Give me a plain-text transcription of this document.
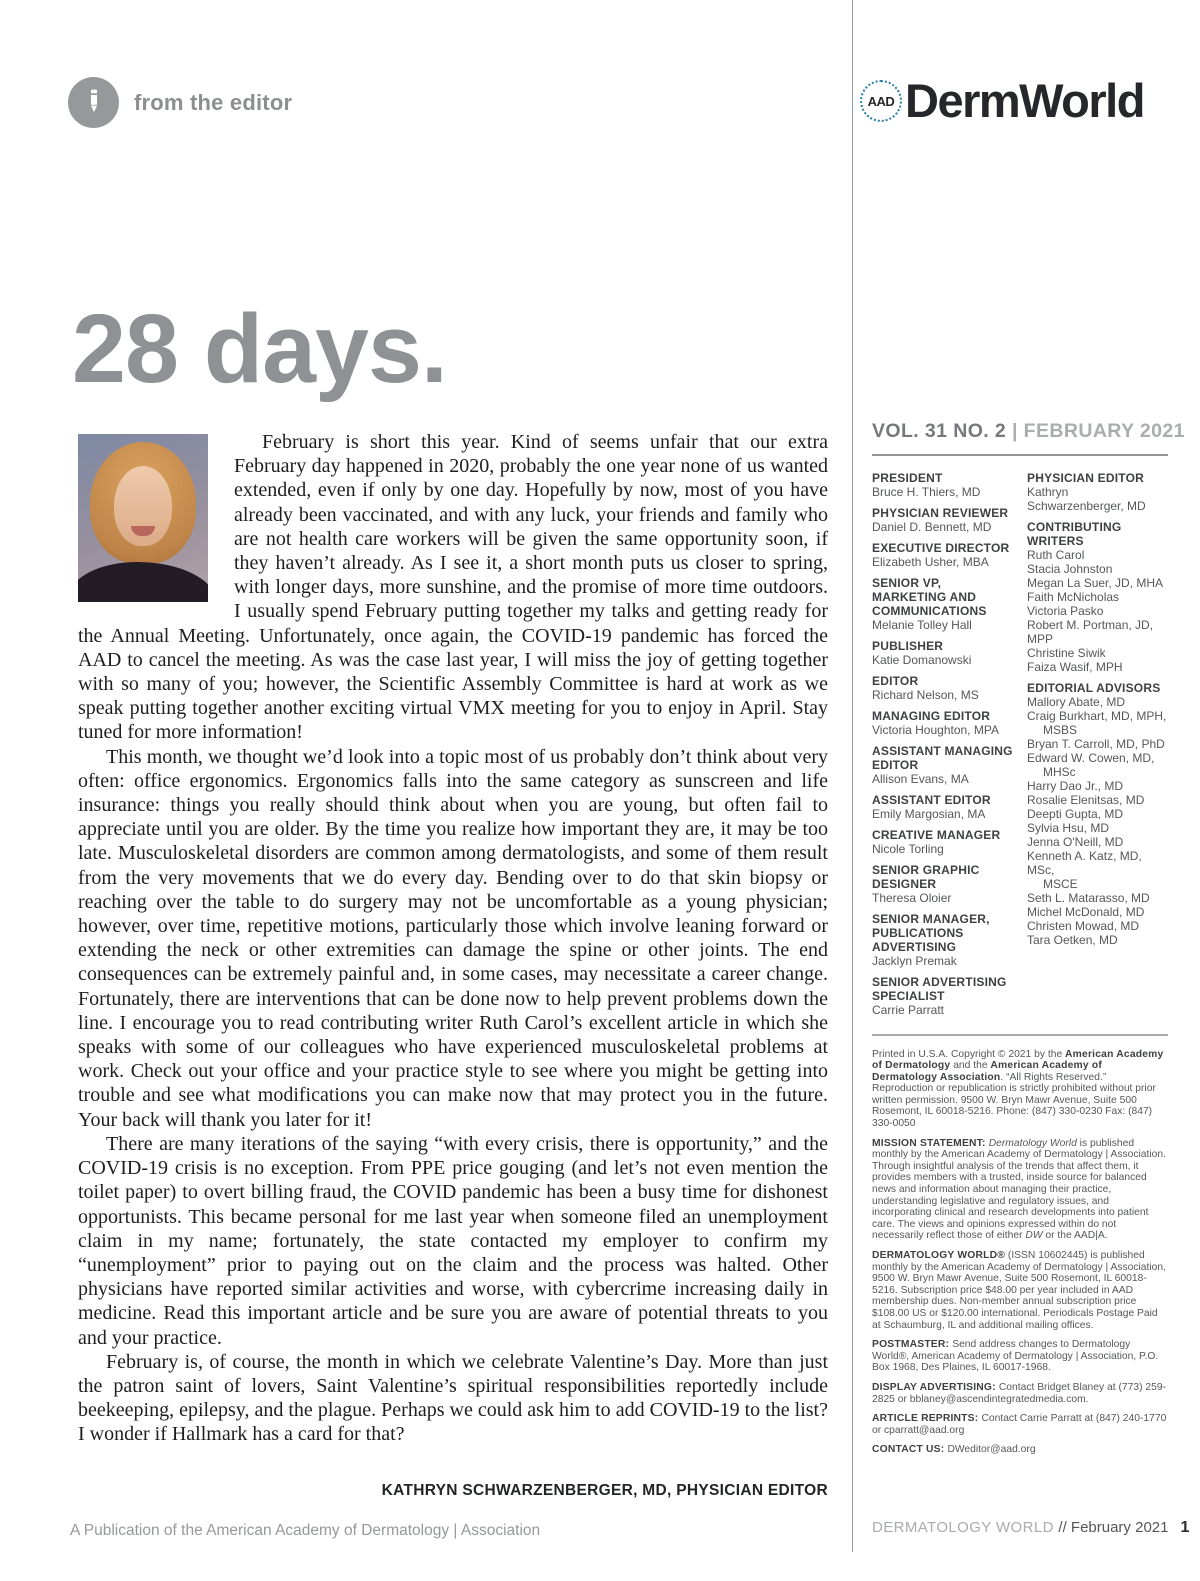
from the editor	AAD DermWorld
28 days.

February is short this year. Kind of seems unfair that our extra February day happened in 2020, probably the one year none of us wanted extended, even if only by one day. Hopefully by now, most of you have already been vaccinated, and with any luck, your friends and family who are not health care workers will be given the same opportunity soon, if they haven’t already. As I see it, a short month puts us closer to spring, with longer days, more sunshine, and the promise of more time outdoors. I usually spend February putting together my talks and getting ready for the Annual Meeting. Unfortunately, once again, the COVID-19 pandemic has forced the AAD to cancel the meeting. As was the case last year, I will miss the joy of getting together with so many of you; however, the Scientific Assembly Committee is hard at work as we speak putting together another exciting virtual VMX meeting for you to enjoy in April. Stay tuned for more information!

This month, we thought we’d look into a topic most of us probably don’t think about very often: office ergonomics. Ergonomics falls into the same category as sunscreen and life insurance: things you really should think about when you are young, but often fail to appreciate until you are older. By the time you realize how important they are, it may be too late. Musculoskeletal disorders are common among dermatologists, and some of them result from the very movements that we do every day. Bending over to do that skin biopsy or reaching over the table to do surgery may not be uncomfortable as a young physician; however, over time, repetitive motions, particularly those which involve leaning forward or extending the neck or other extremities can damage the spine or other joints. The end consequences can be extremely painful and, in some cases, may necessitate a career change. Fortunately, there are interventions that can be done now to help prevent problems down the line. I encourage you to read contributing writer Ruth Carol’s excellent article in which she speaks with some of our colleagues who have experienced musculoskeletal problems at work. Check out your office and your practice style to see where you might be getting into trouble and see what modifications you can make now that may protect you in the future. Your back will thank you later for it!

There are many iterations of the saying “with every crisis, there is opportunity,” and the COVID-19 crisis is no exception. From PPE price gouging (and let’s not even mention the toilet paper) to overt billing fraud, the COVID pandemic has been a busy time for dishonest opportunists. This became personal for me last year when someone filed an unemployment claim in my name; fortunately, the state contacted my employer to confirm my “unemployment” prior to paying out on the claim and the process was halted. Other physicians have reported similar activities and worse, with cybercrime increasing daily in medicine. Read this important article and be sure you are aware of potential threats to you and your practice.

February is, of course, the month in which we celebrate Valentine’s Day. More than just the patron saint of lovers, Saint Valentine’s spiritual responsibilities reportedly include beekeeping, epilepsy, and the plague. Perhaps we could ask him to add COVID-19 to the list? I wonder if Hallmark has a card for that?

KATHRYN SCHWARZENBERGER, MD, PHYSICIAN EDITOR
VOL. 31 NO. 2 | FEBRUARY 2021
PRESIDENT
Bruce H. Thiers, MD
PHYSICIAN REVIEWER
Daniel D. Bennett, MD
EXECUTIVE DIRECTOR
Elizabeth Usher, MBA
SENIOR VP, MARKETING AND COMMUNICATIONS
Melanie Tolley Hall
PUBLISHER
Katie Domanowski
EDITOR
Richard Nelson, MS
MANAGING EDITOR
Victoria Houghton, MPA
ASSISTANT MANAGING EDITOR
Allison Evans, MA
ASSISTANT EDITOR
Emily Margosian, MA
CREATIVE MANAGER
Nicole Torling
SENIOR GRAPHIC DESIGNER
Theresa Oloier
SENIOR MANAGER, PUBLICATIONS ADVERTISING
Jacklyn Premak
SENIOR ADVERTISING SPECIALIST
Carrie Parratt
PHYSICIAN EDITOR
Kathryn
Schwarzenberger, MD
CONTRIBUTING WRITERS
Ruth Carol
Stacia Johnston
Megan La Suer, JD, MHA
Faith McNicholas
Victoria Pasko
Robert M. Portman, JD, MPP
Christine Siwik
Faiza Wasif, MPH
EDITORIAL ADVISORS
Mallory Abate, MD
Craig Burkhart, MD, MPH,
MSBS
Bryan T. Carroll, MD, PhD
Edward W. Cowen, MD,
MHSc
Harry Dao Jr., MD
Rosalie Elenitsas, MD
Deepti Gupta, MD
Sylvia Hsu, MD
Jenna O'Neill, MD
Kenneth A. Katz, MD, MSc,
MSCE
Seth L. Matarasso, MD
Michel McDonald, MD
Christen Mowad, MD
Tara Oetken, MD

Printed in U.S.A. Copyright © 2021 by the American Academy of Dermatology and the American Academy of Dermatology Association. “All Rights Reserved.” Reproduction or republication is strictly prohibited without prior written permission. 9500 W. Bryn Mawr Avenue, Suite 500 Rosemont, IL 60018-5216. Phone: (847) 330-0230 Fax: (847) 330-0050

MISSION STATEMENT: Dermatology World is published monthly by the American Academy of Dermatology | Association. Through insightful analysis of the trends that affect them, it provides members with a trusted, inside source for balanced news and information about managing their practice, understanding legislative and regulatory issues, and incorporating clinical and research developments into patient care. The views and opinions expressed within do not necessarily reflect those of either DW or the AAD|A.

DERMATOLOGY WORLD® (ISSN 10602445) is published monthly by the American Academy of Dermatology | Association, 9500 W. Bryn Mawr Avenue, Suite 500 Rosemont, IL 60018-5216. Subscription price $48.00 per year included in AAD membership dues. Non-member annual subscription price $108.00 US or $120.00 international. Periodicals Postage Paid at Schaumburg, IL and additional mailing offices.

POSTMASTER: Send address changes to Dermatology World®, American Academy of Dermatology | Association, P.O. Box 1968, Des Plaines, IL 60017-1968.

DISPLAY ADVERTISING: Contact Bridget Blaney at (773) 259-2825 or bblaney@ascendintegratedmedia.com.

ARTICLE REPRINTS: Contact Carrie Parratt at (847) 240-1770 or cparratt@aad.org

CONTACT US: DWeditor@aad.org

A Publication of the American Academy of Dermatology | Association	DERMATOLOGY WORLD // February 2021 1
